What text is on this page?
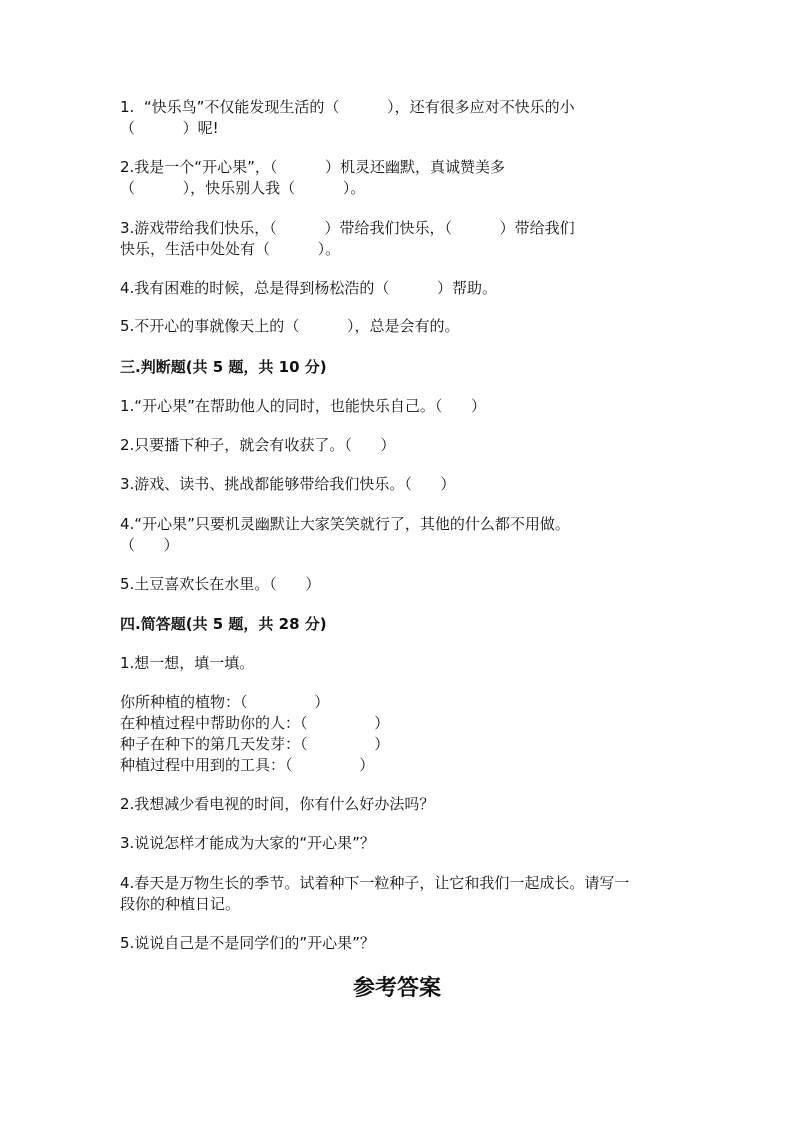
1.  “快乐鸟”不仅能发现生活的（          ），还有很多应对不快乐的小

（          ）呢!

2.我是一个“开心果”，（          ）机灵还幽默，真诚赞美多

（          ），快乐别人我（          ）。

3.游戏带给我们快乐，（          ）带给我们快乐，（          ）带给我们

快乐，生活中处处有（          ）。

4.我有困难的时候，总是得到杨松浩的（          ）帮助。

5.不开心的事就像天上的（          ），总是会有的。

三.判断题(共 5 题，共 10 分)

1.“开心果”在帮助他人的同时，也能快乐自己。（      ）

2.只要播下种子，就会有收获了。（      ）

3.游戏、读书、挑战都能够带给我们快乐。（      ）

4.“开心果”只要机灵幽默让大家笑笑就行了，其他的什么都不用做。

（      ）

5.土豆喜欢长在水里。（      ）

四.简答题(共 5 题，共 28 分)

1.想一想，填一填。

你所种植的植物：（              ）

在种植过程中帮助你的人：（              ）

种子在种下的第几天发芽：（              ）

种植过程中用到的工具：（              ）

2.我想减少看电视的时间，你有什么好办法吗？

3.说说怎样才能成为大家的“开心果”？

4.春天是万物生长的季节。试着种下一粒种子，让它和我们一起成长。请写一

段你的种植日记。

5.说说自己是不是同学们的”开心果”？

参考答案
